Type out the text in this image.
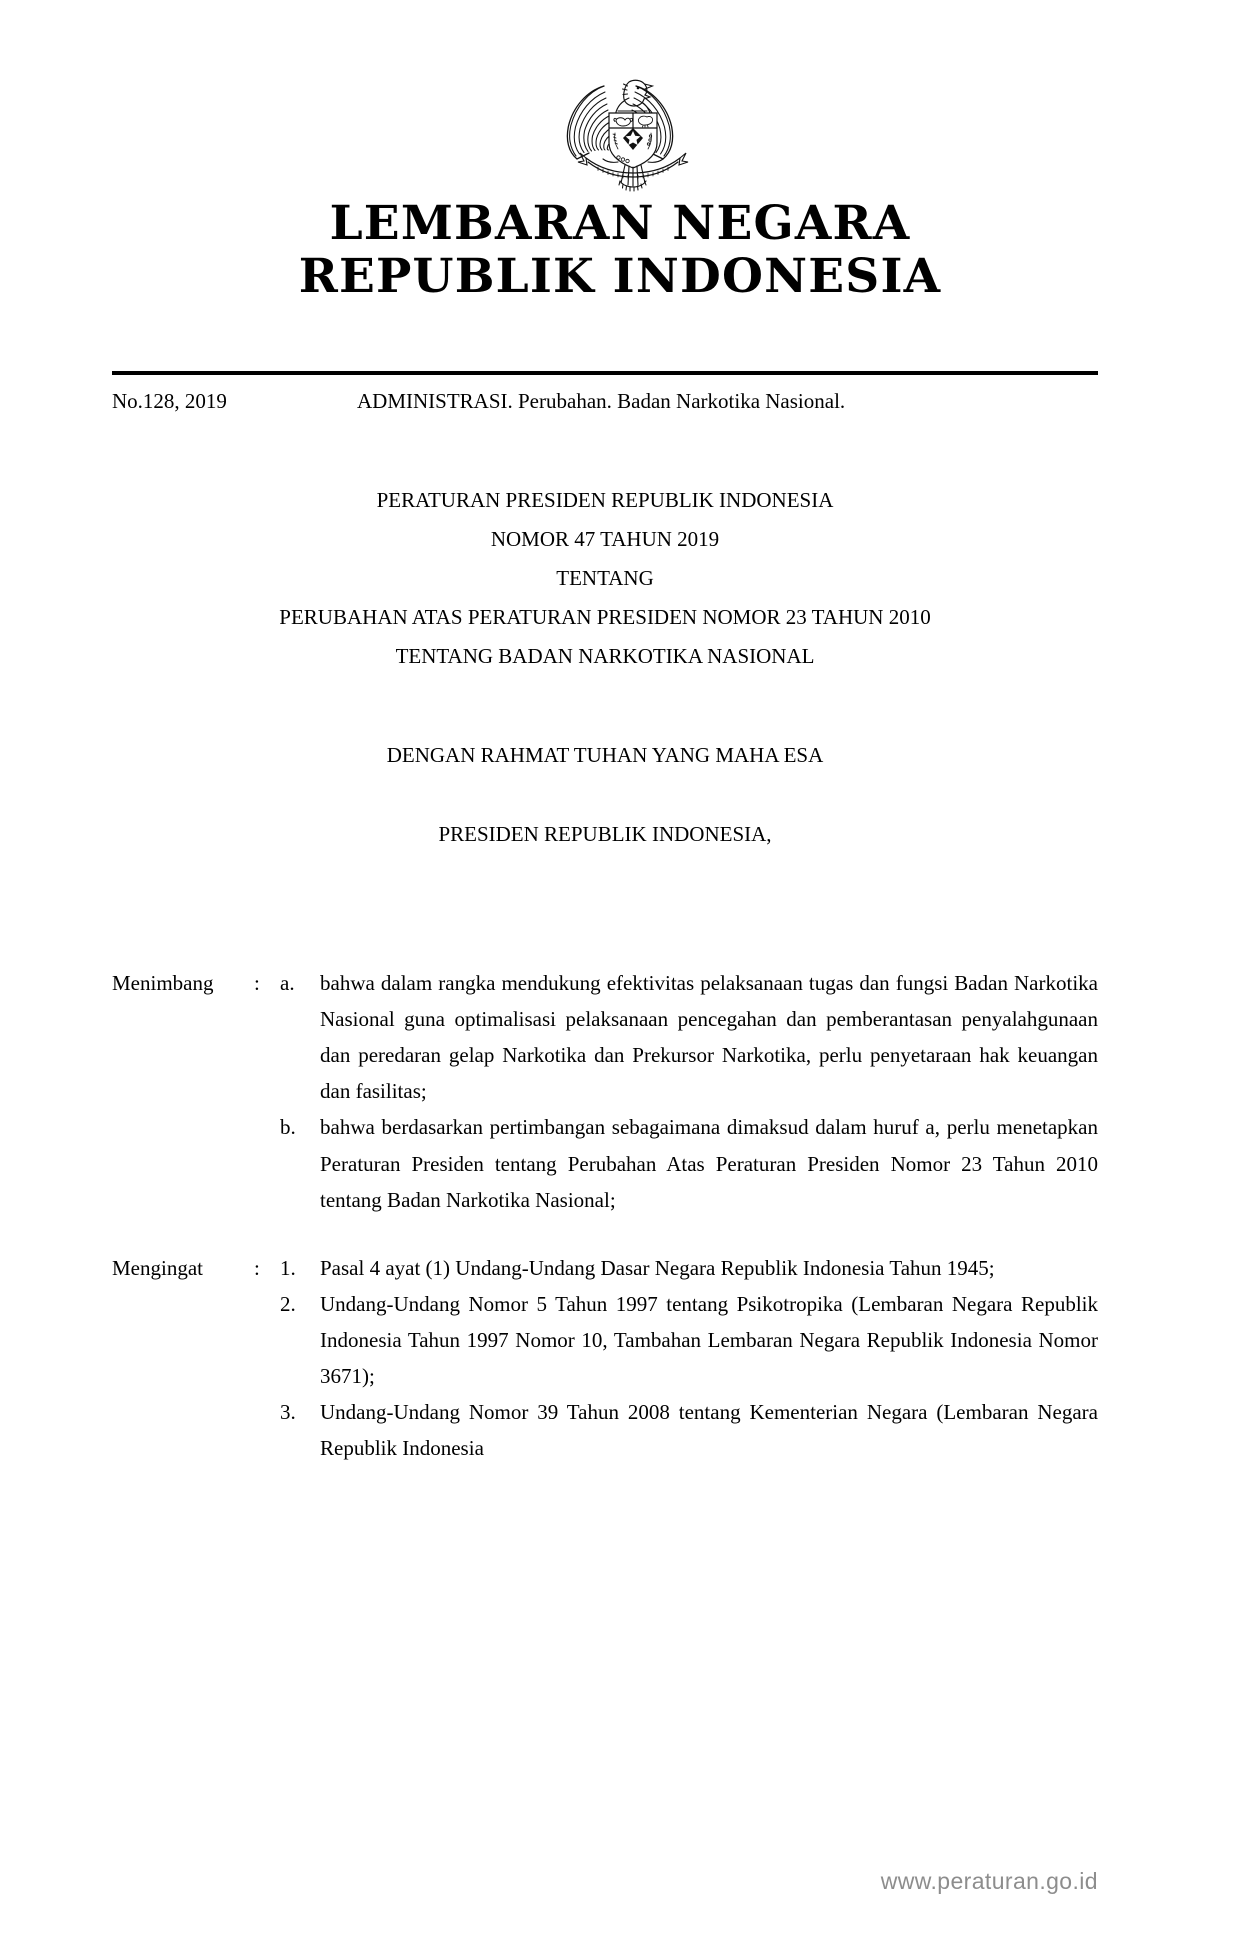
LEMBARAN NEGARA
REPUBLIK INDONESIA
No.128, 2019	ADMINISTRASI. Perubahan. Badan Narkotika Nasional.
PERATURAN PRESIDEN REPUBLIK INDONESIA
NOMOR 47 TAHUN 2019
TENTANG
PERUBAHAN ATAS PERATURAN PRESIDEN NOMOR 23 TAHUN 2010
TENTANG BADAN NARKOTIKA NASIONAL
DENGAN RAHMAT TUHAN YANG MAHA ESA
PRESIDEN REPUBLIK INDONESIA,
Menimbang	: a.	bahwa dalam rangka mendukung efektivitas pelaksanaan tugas dan fungsi Badan Narkotika Nasional guna optimalisasi pelaksanaan pencegahan dan pemberantasan penyalahgunaan dan peredaran gelap Narkotika dan Prekursor Narkotika, perlu penyetaraan hak keuangan dan fasilitas;
b.	bahwa berdasarkan pertimbangan sebagaimana dimaksud dalam huruf a, perlu menetapkan Peraturan Presiden tentang Perubahan Atas Peraturan Presiden Nomor 23 Tahun 2010 tentang Badan Narkotika Nasional;
Mengingat	: 1.	Pasal 4 ayat (1) Undang-Undang Dasar Negara Republik Indonesia Tahun 1945;
2.	Undang-Undang Nomor 5 Tahun 1997 tentang Psikotropika (Lembaran Negara Republik Indonesia Tahun 1997 Nomor 10, Tambahan Lembaran Negara Republik Indonesia Nomor 3671);
3.	Undang-Undang Nomor 39 Tahun 2008 tentang Kementerian Negara (Lembaran Negara Republik Indonesia
www.peraturan.go.id
